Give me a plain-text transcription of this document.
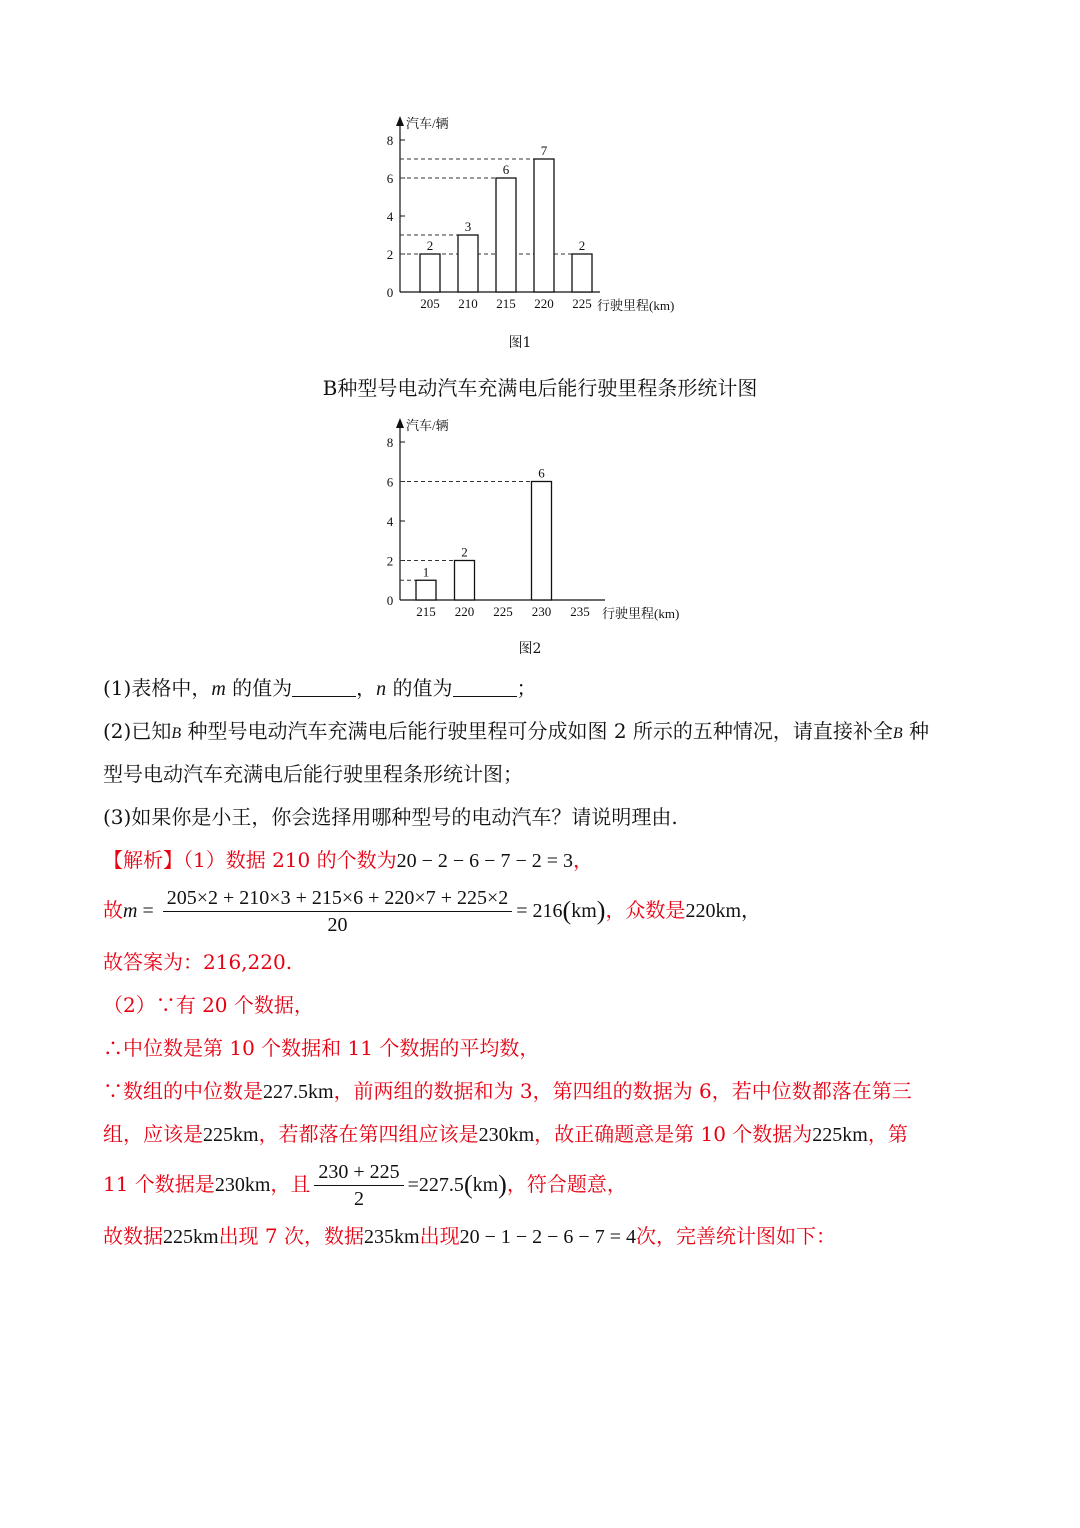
汽车/辆
0
2
4
6
8
2
205
3
210
6
215
7
220
2
225 行驶里程(km)
图1
B种型号电动汽车充满电后能行驶里程条形统计图
汽车/辆
0
2
4
6
8
1
215
2
220 225
6
230 235 行驶里程(km)
图2
(1)表格中，m 的值为	，n 的值为	；
(2)已知B 种型号电动汽车充满电后能行驶里程可分成如图 2 所示的五种情况，请直接补全B 种
型号电动汽车充满电后能行驶里程条形统计图；
(3)如果你是小王，你会选择用哪种型号的电动汽车？请说明理由.
【解析】（1）数据 210 的个数为20 − 2 − 6 − 7 − 2 = 3，
故$m = \frac{205\times 2 + 210\times 3 + 215\times 6 + 220\times 7 + 225\times 2}{20} = 216(km)$，众数是220km，
故答案为：216,220.
（2）∵有 20 个数据，
∴中位数是第 10 个数据和 11 个数据的平均数，
∵数组的中位数是227.5km，前两组的数据和为 3，第四组的数据为 6，若中位数都落在第三
组，应该是225km，若都落在第四组应该是230km，故正确题意是第 10 个数据为225km，第
11 个数据是230km，且 $\frac{230 + 225}{2} =227.5(km)$，符合题意，
故数据225km出现 7 次，数据235km出现20 − 1 − 2 − 6 − 7 = 4次，完善统计图如下：
